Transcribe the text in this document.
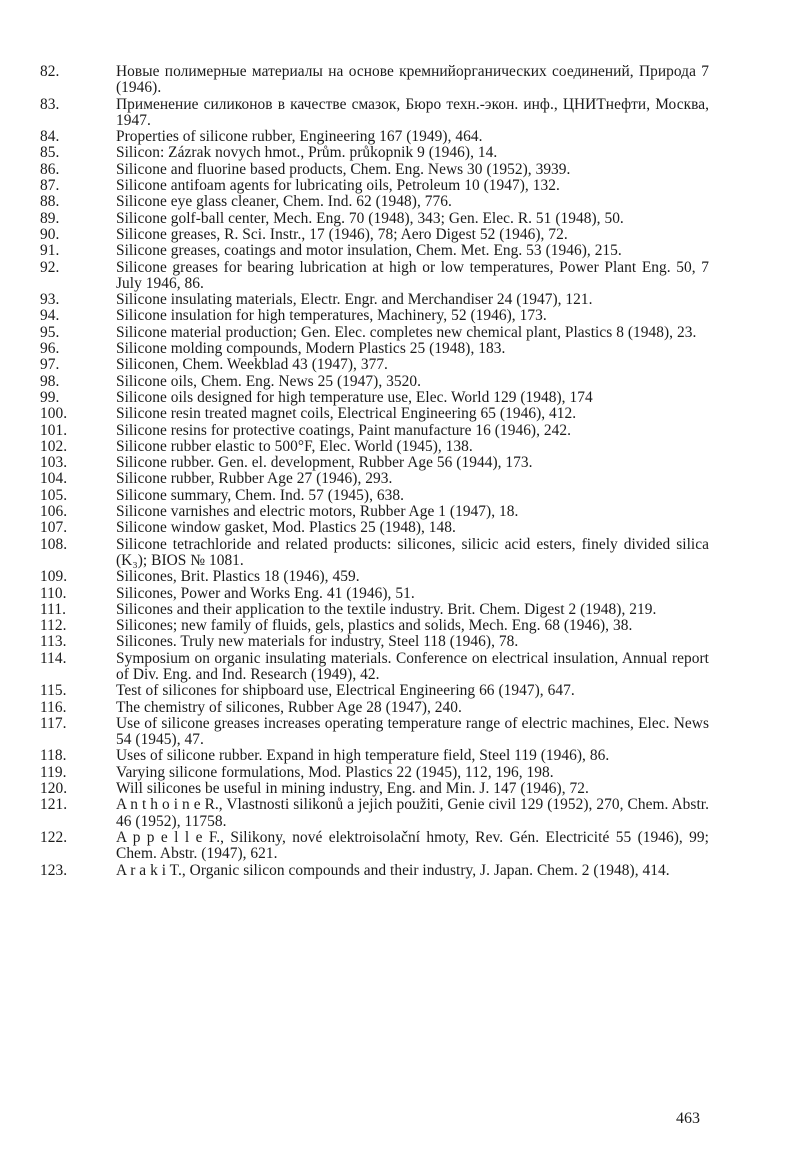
82.	Новые полимерные материалы на основе кремнийорганических соединений, Природа 7 (1946).
83.	Применение силиконов в качестве смазок, Бюро техн.-экон. инф., ЦНИТнефти, Москва, 1947.
84.	Properties of silicone rubber, Engineering 167 (1949), 464.
85.	Silicon: Zázrak novych hmot., Prům. průkopnik 9 (1946), 14.
86.	Silicone and fluorine based products, Chem. Eng. News 30 (1952), 3939.
87.	Silicone antifoam agents for lubricating oils, Petroleum 10 (1947), 132.
88.	Silicone eye glass cleaner, Chem. Ind. 62 (1948), 776.
89.	Silicone golf-ball center, Mech. Eng. 70 (1948), 343; Gen. Elec. R. 51 (1948), 50.
90.	Silicone greases, R. Sci. Instr., 17 (1946), 78; Aero Digest 52 (1946), 72.
91.	Silicone greases, coatings and motor insulation, Chem. Met. Eng. 53 (1946), 215.
92.	Silicone greases for bearing lubrication at high or low temperatures, Power Plant Eng. 50, 7 July 1946, 86.
93.	Silicone insulating materials, Electr. Engr. and Merchandiser 24 (1947), 121.
94.	Silicone insulation for high temperatures, Machinery, 52 (1946), 173.
95.	Silicone material production; Gen. Elec. completes new chemical plant, Plastics 8 (1948), 23.
96.	Silicone molding compounds, Modern Plastics 25 (1948), 183.
97.	Siliconen, Chem. Weekblad 43 (1947), 377.
98.	Silicone oils, Chem. Eng. News 25 (1947), 3520.
99.	Silicone oils designed for high temperature use, Elec. World 129 (1948), 174
100.	Silicone resin treated magnet coils, Electrical Engineering 65 (1946), 412.
101.	Silicone resins for protective coatings, Paint manufacture 16 (1946), 242.
102.	Silicone rubber elastic to 500°F, Elec. World (1945), 138.
103.	Silicone rubber. Gen. el. development, Rubber Age 56 (1944), 173.
104.	Silicone rubber, Rubber Age 27 (1946), 293.
105.	Silicone summary, Chem. Ind. 57 (1945), 638.
106.	Silicone varnishes and electric motors, Rubber Age 1 (1947), 18.
107.	Silicone window gasket, Mod. Plastics 25 (1948), 148.
108.	Silicone tetrachloride and related products: silicones, silicic acid esters, finely divided silica (K₃); BIOS № 1081.
109.	Silicones, Brit. Plastics 18 (1946), 459.
110.	Silicones, Power and Works Eng. 41 (1946), 51.
111.	Silicones and their application to the textile industry. Brit. Chem. Digest 2 (1948), 219.
112.	Silicones; new family of fluids, gels, plastics and solids, Mech. Eng. 68 (1946), 38.
113.	Silicones. Truly new materials for industry, Steel 118 (1946), 78.
114.	Symposium on organic insulating materials. Conference on electrical insulation, Annual report of Div. Eng. and Ind. Research (1949), 42.
115.	Test of silicones for shipboard use, Electrical Engineering 66 (1947), 647.
116.	The chemistry of silicones, Rubber Age 28 (1947), 240.
117.	Use of silicone greases increases operating temperature range of electric machines, Elec. News 54 (1945), 47.
118.	Uses of silicone rubber. Expand in high temperature field, Steel 119 (1946), 86.
119.	Varying silicone formulations, Mod. Plastics 22 (1945), 112, 196, 198.
120.	Will silicones be useful in mining industry, Eng. and Min. J. 147 (1946), 72.
121.	A n t h o i n e R., Vlastnosti silikonů a jejich použiti, Genie civil 129 (1952), 270, Chem. Abstr. 46 (1952), 11758.
122.	A p p e l l e F., Silikony, nové elektroisolační hmoty, Rev. Gén. Electricité 55 (1946), 99; Chem. Abstr. (1947), 621.
123.	A r a k i T., Organic silicon compounds and their industry, J. Japan. Chem. 2 (1948), 414.
463
